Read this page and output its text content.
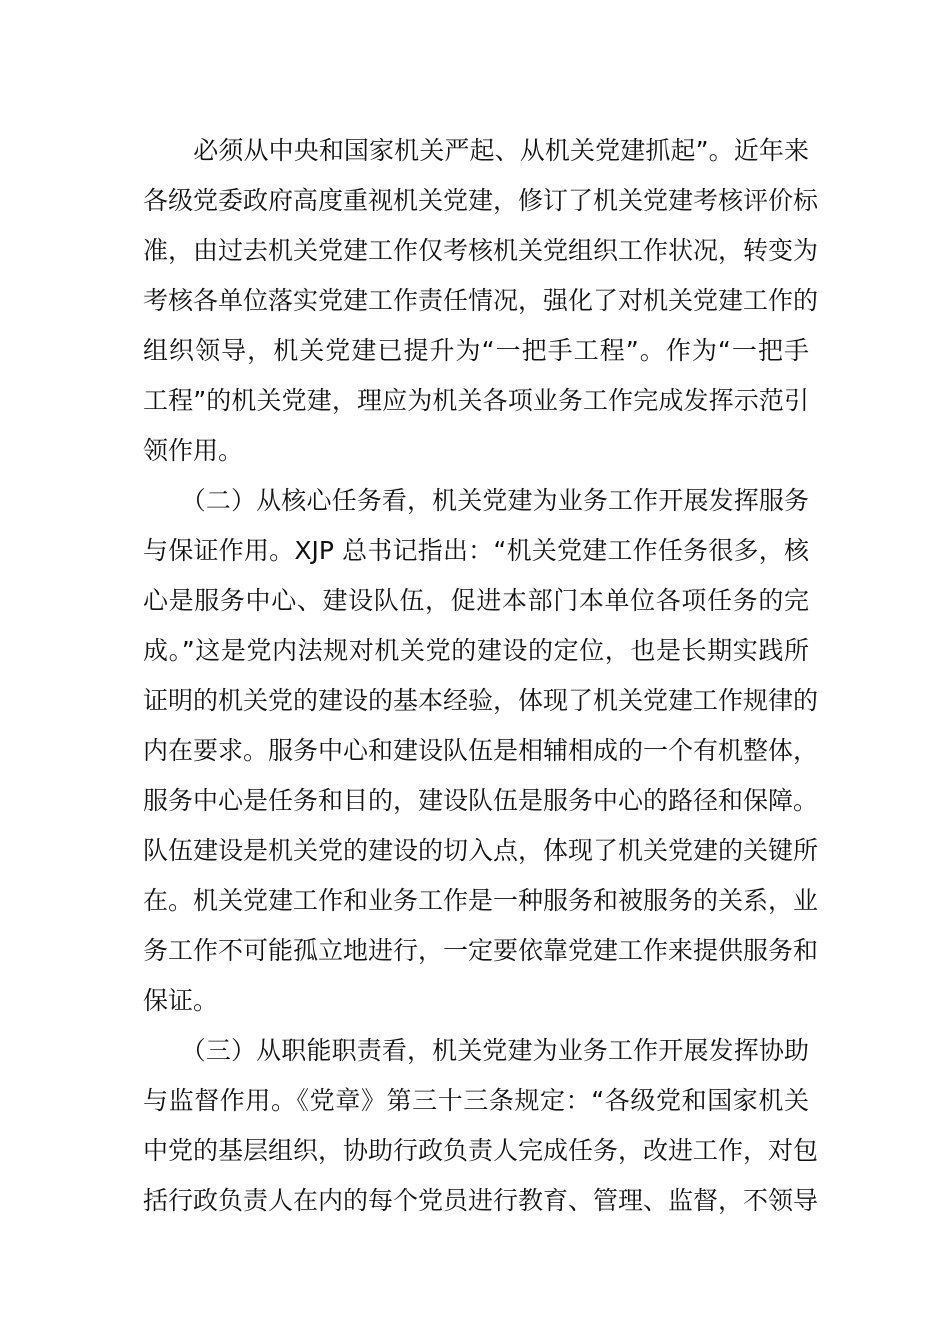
　　必须从中央和国家机关严起、从机关党建抓起”。近年来

各级党委政府高度重视机关党建，修订了机关党建考核评价标

准，由过去机关党建工作仅考核机关党组织工作状况，转变为

考核各单位落实党建工作责任情况，强化了对机关党建工作的

组织领导，机关党建已提升为“一把手工程”。作为“一把手

工程”的机关党建，理应为机关各项业务工作完成发挥示范引

领作用。

　　（二）从核心任务看，机关党建为业务工作开展发挥服务

与保证作用。XJP 总书记指出：“机关党建工作任务很多，核

心是服务中心、建设队伍，促进本部门本单位各项任务的完

成。”这是党内法规对机关党的建设的定位，也是长期实践所

证明的机关党的建设的基本经验，体现了机关党建工作规律的

内在要求。服务中心和建设队伍是相辅相成的一个有机整体，

服务中心是任务和目的，建设队伍是服务中心的路径和保障。

队伍建设是机关党的建设的切入点，体现了机关党建的关键所

在。机关党建工作和业务工作是一种服务和被服务的关系，业

务工作不可能孤立地进行，一定要依靠党建工作来提供服务和

保证。

　　（三）从职能职责看，机关党建为业务工作开展发挥协助

与监督作用。《党章》第三十三条规定：“各级党和国家机关

中党的基层组织，协助行政负责人完成任务，改进工作，对包

括行政负责人在内的每个党员进行教育、管理、监督，不领导
